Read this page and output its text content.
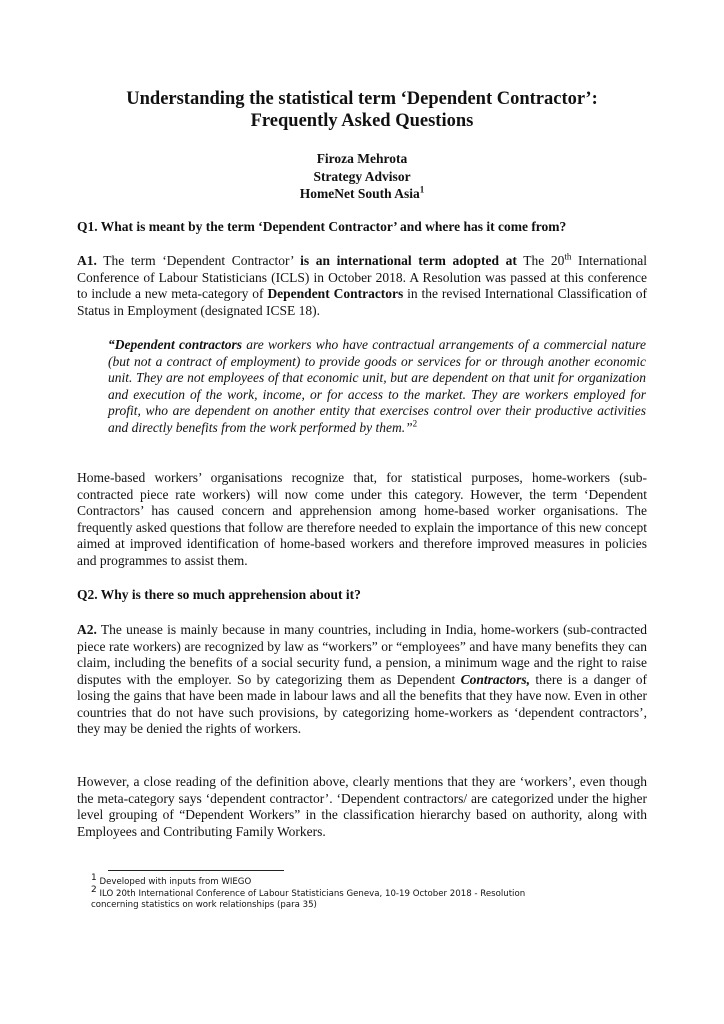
Understanding the statistical term ‘Dependent Contractor’:
Frequently Asked Questions
Firoza Mehrota
Strategy Advisor
HomeNet South Asia$^1$

Q1. What is meant by the term ‘Dependent Contractor’ and where has it come from?

A1. The term ‘Dependent Contractor’ is an international term adopted at The 20th International Conference of Labour Statisticians (ICLS) in October 2018. A Resolution was passed at this conference to include a new meta-category of Dependent Contractors in the revised International Classification of Status in Employment (designated ICSE 18).

“Dependent contractors are workers who have contractual arrangements of a commercial nature (but not a contract of employment) to provide goods or services for or through another economic unit. They are not employees of that economic unit, but are dependent on that unit for organization and execution of the work, income, or for access to the market. They are workers employed for profit, who are dependent on another entity that exercises control over their productive activities and directly benefits from the work performed by them.”$^2$

Home-based workers’ organisations recognize that, for statistical purposes, home-workers (sub-contracted piece rate workers) will now come under this category. However, the term ‘Dependent Contractors’ has caused concern and apprehension among home-based worker organisations. The frequently asked questions that follow are therefore needed to explain the importance of this new concept aimed at improved identification of home-based workers and therefore improved measures in policies and programmes to assist them.

Q2. Why is there so much apprehension about it?

A2. The unease is mainly because in many countries, including in India, home-workers (sub-contracted piece rate workers) are recognized by law as “workers” or “employees” and have many benefits they can claim, including the benefits of a social security fund, a pension, a minimum wage and the right to raise disputes with the employer. So by categorizing them as Dependent Contractors, there is a danger of losing the gains that have been made in labour laws and all the benefits that they have now. Even in other countries that do not have such provisions, by categorizing home-workers as ‘dependent contractors’, they may be denied the rights of workers.

However, a close reading of the definition above, clearly mentions that they are ‘workers’, even though the meta-category says ‘dependent contractor’. ‘Dependent contractors/ are categorized under the higher level grouping of “Dependent Workers” in the classification hierarchy based on authority, along with Employees and Contributing Family Workers.

$^1$ Developed with inputs from WIEGO
$^2$ ILO 20th International Conference of Labour Statisticians Geneva, 10-19 October 2018 - Resolution concerning statistics on work relationships (para 35)
